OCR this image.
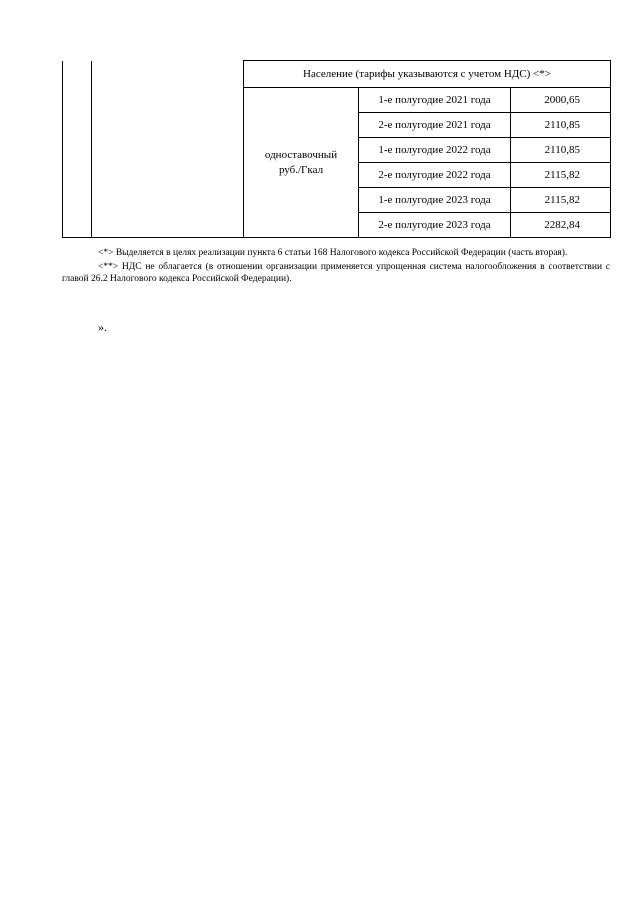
		Население (тарифы указываются с учетом НДС) <*>		
		одноставочный руб./Гкал	1-е полугодие 2021 года	2000,65
			2-е полугодие 2021 года	2110,85
			1-е полугодие 2022 года	2110,85
			2-е полугодие 2022 года	2115,82
			1-е полугодие 2023 года	2115,82
			2-е полугодие 2023 года	2282,84

<*> Выделяется в целях реализации пункта 6 статьи 168 Налогового кодекса Российской Федерации (часть вторая).

<**> НДС не облагается (в отношении организации применяется упрощенная система налогообложения в соответствии с главой 26.2 Налогового кодекса Российской Федерации).

».
